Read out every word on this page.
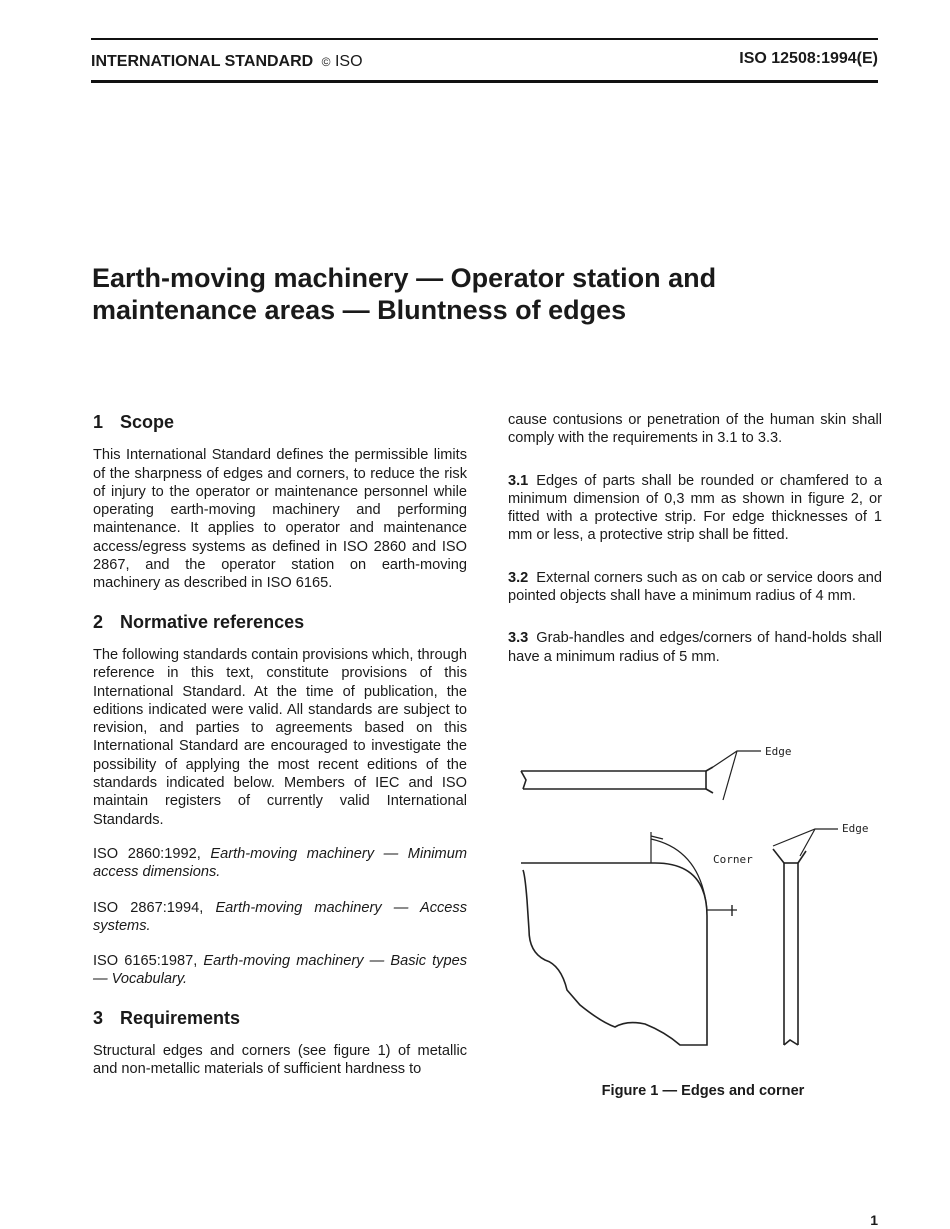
INTERNATIONAL STANDARD © ISO	ISO 12508:1994(E)
Earth-moving machinery — Operator station and
maintenance areas — Bluntness of edges
1 Scope

This International Standard defines the permissible limits of the sharpness of edges and corners, to reduce the risk of injury to the operator or maintenance personnel while operating earth-moving machinery and performing maintenance. It applies to operator and maintenance access/egress systems as defined in ISO 2860 and ISO 2867, and the operator station on earth-moving machinery as described in ISO 6165.

2 Normative references

The following standards contain provisions which, through reference in this text, constitute provisions of this International Standard. At the time of publication, the editions indicated were valid. All standards are subject to revision, and parties to agreements based on this International Standard are encouraged to investigate the possibility of applying the most recent editions of the standards indicated below. Members of IEC and ISO maintain registers of currently valid International Standards.

ISO 2860:1992, Earth-moving machinery — Minimum access dimensions.

ISO 2867:1994, Earth-moving machinery — Access systems.

ISO 6165:1987, Earth-moving machinery — Basic types — Vocabulary.

3 Requirements

Structural edges and corners (see figure 1) of metallic and non-metallic materials of sufficient hardness to

cause contusions or penetration of the human skin shall comply with the requirements in 3.1 to 3.3.

3.1 Edges of parts shall be rounded or chamfered to a minimum dimension of 0,3 mm as shown in figure 2, or fitted with a protective strip. For edge thicknesses of 1 mm or less, a protective strip shall be fitted.

3.2 External corners such as on cab or service doors and pointed objects shall have a minimum radius of 4 mm.

3.3 Grab-handles and edges/corners of hand-holds shall have a minimum radius of 5 mm.

Edge
Edge
Corner
Figure 1 — Edges and corner
1
